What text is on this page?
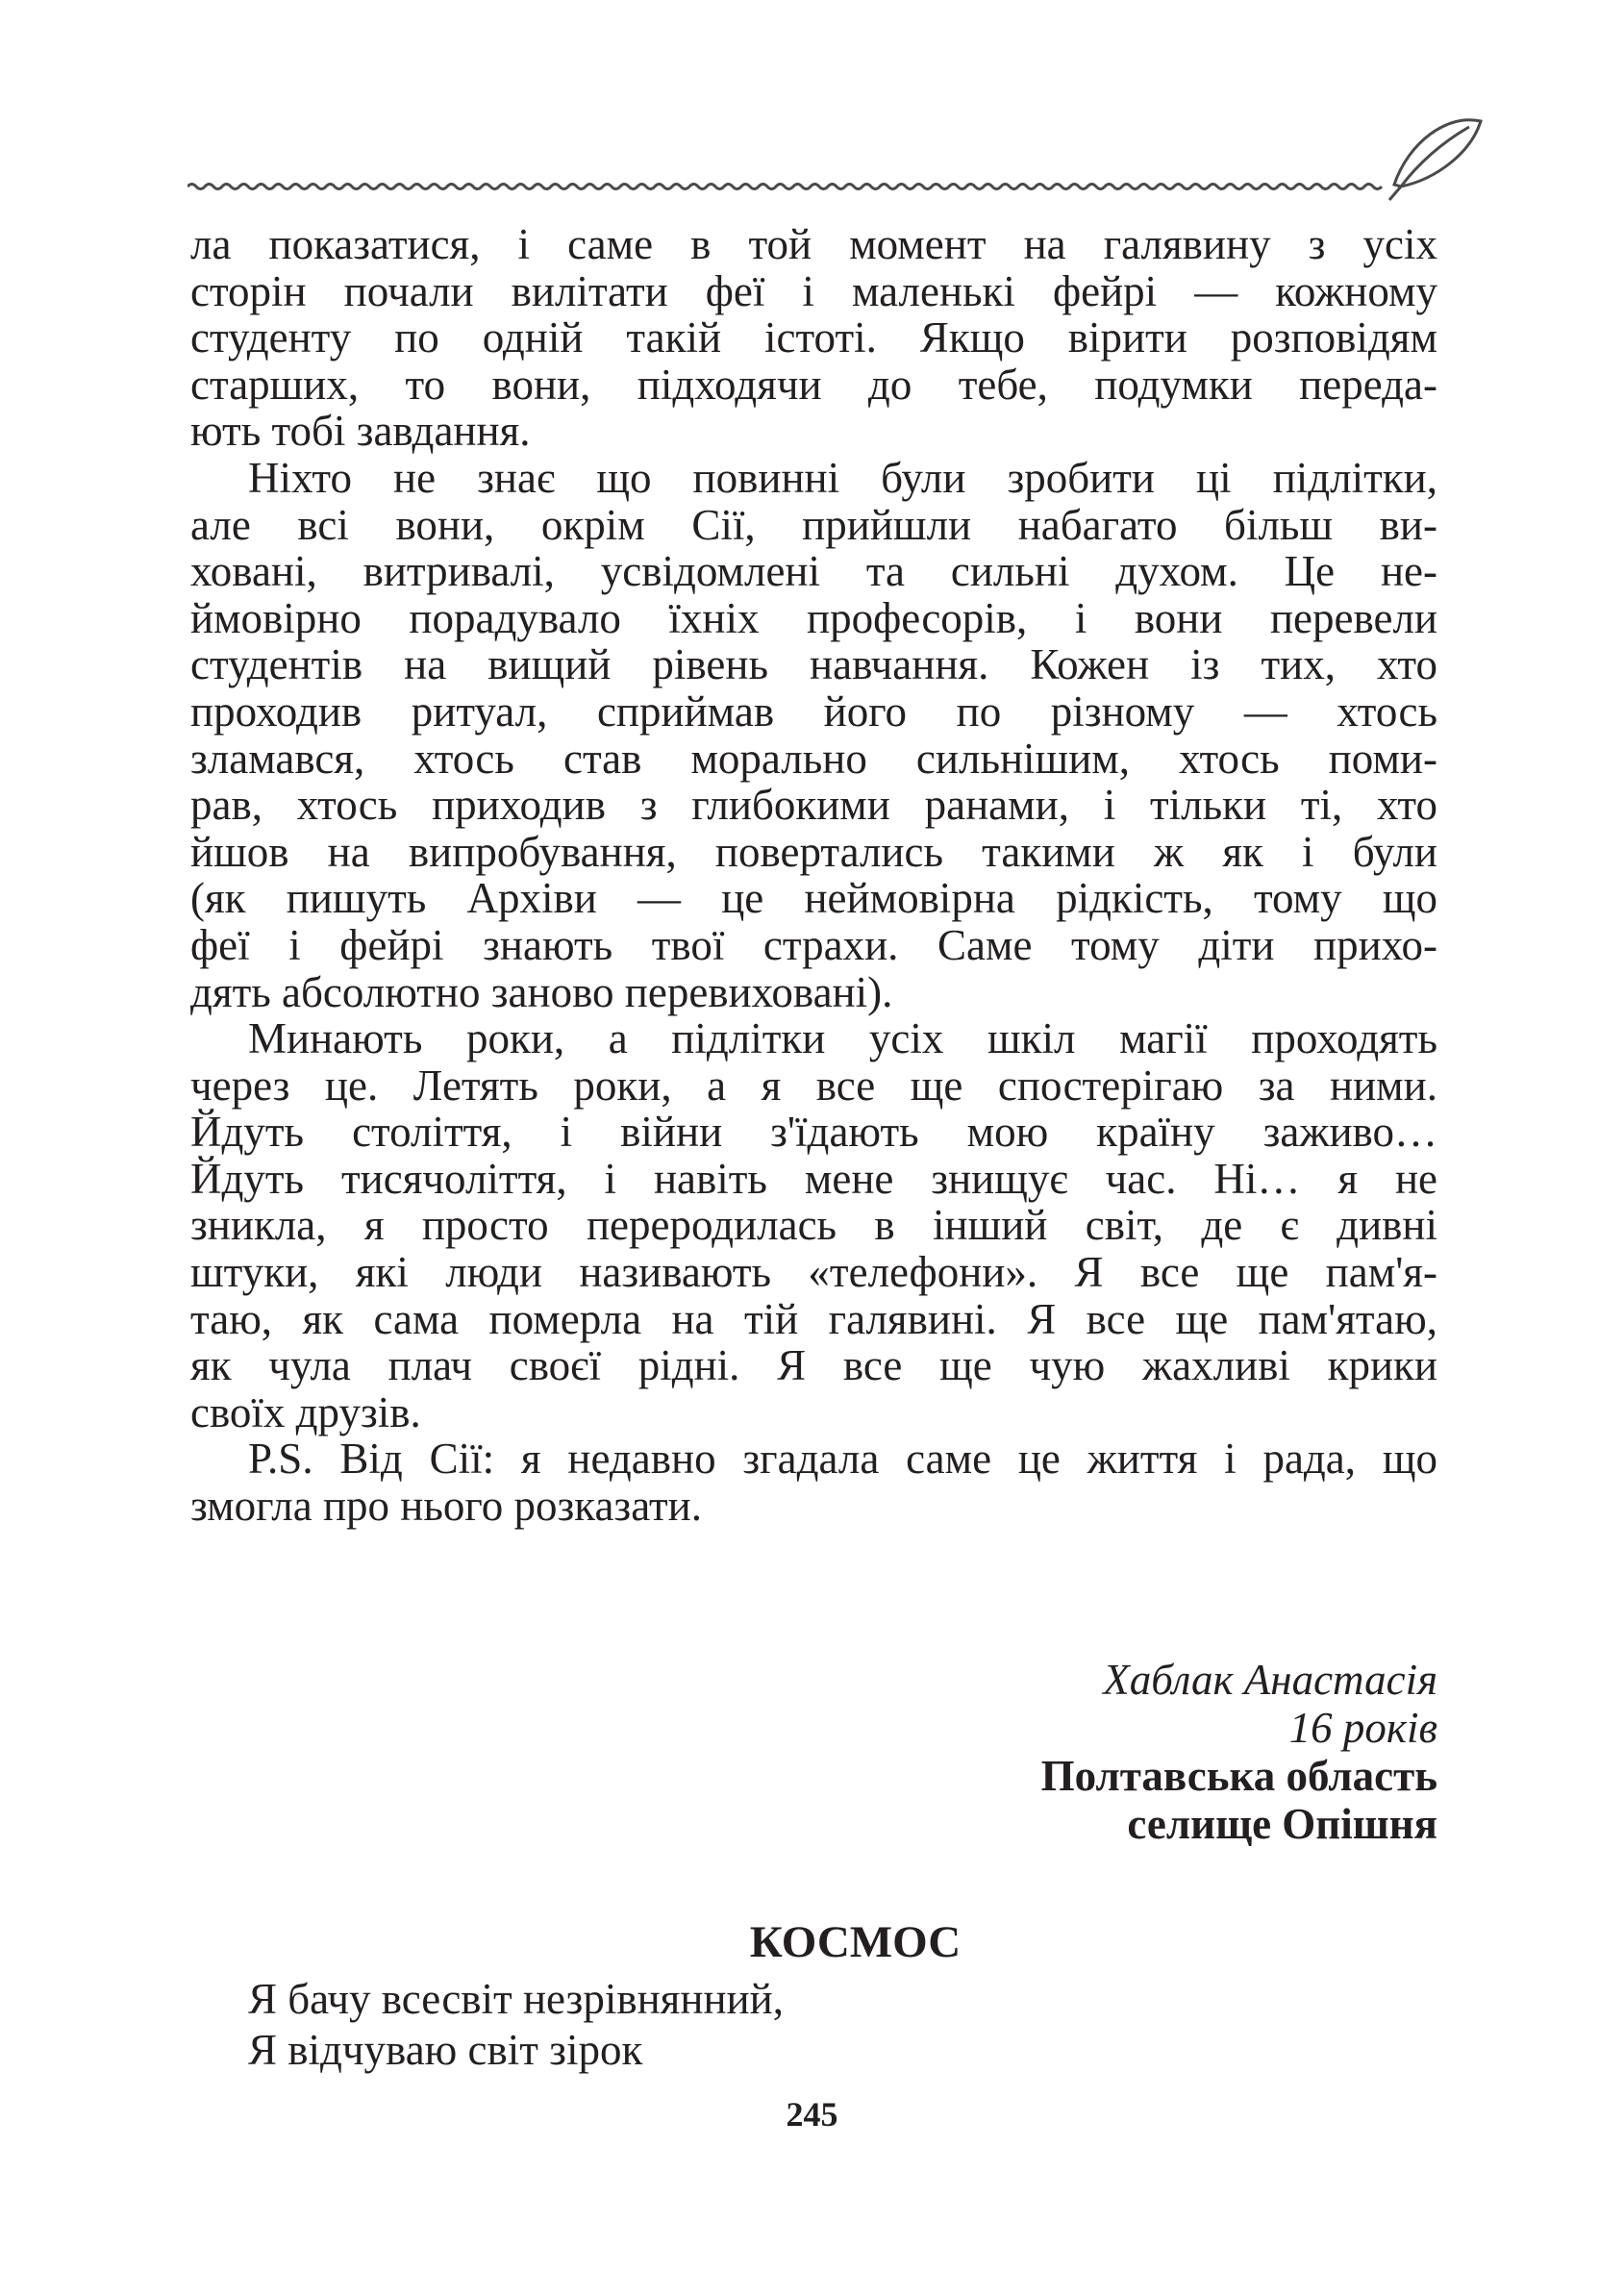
ла показатися, і саме в той момент на галявину з усіх
сторін почали вилітати феї і маленькі фейрі — кожному
студенту по одній такій істоті. Якщо вірити розповідям
старших, то вони, підходячи до тебе, подумки переда-
ють тобі завдання.
Ніхто не знає що повинні були зробити ці підлітки,
але всі вони, окрім Сії, прийшли набагато більш ви-
ховані, витривалі, усвідомлені та сильні духом. Це не-
ймовірно порадувало їхніх професорів, і вони перевели
студентів на вищий рівень навчання. Кожен із тих, хто
проходив ритуал, сприймав його по різному — хтось
зламався, хтось став морально сильнішим, хтось поми-
рав, хтось приходив з глибокими ранами, і тільки ті, хто
йшов на випробування, повертались такими ж як і були
(як пишуть Архіви — це неймовірна рідкість, тому що
феї і фейрі знають твої страхи. Саме тому діти прихо-
дять абсолютно заново перевиховані).
Минають роки, а підлітки усіх шкіл магії проходять
через це. Летять роки, а я все ще спостерігаю за ними.
Йдуть століття, і війни з'їдають мою країну заживо…
Йдуть тисячоліття, і навіть мене знищує час. Ні… я не
зникла, я просто переродилась в інший світ, де є дивні
штуки, які люди називають «телефони». Я все ще пам'я-
таю, як сама померла на тій галявині. Я все ще пам'ятаю,
як чула плач своєї рідні. Я все ще чую жахливі крики
своїх друзів.
P.S. Від Сії: я недавно згадала саме це життя і рада, що
змогла про нього розказати.
Хаблак Анастасія
16 років
Полтавська область
селище Опішня
КОСМОС
Я бачу всесвіт незрівнянний,
Я відчуваю світ зірок
245
